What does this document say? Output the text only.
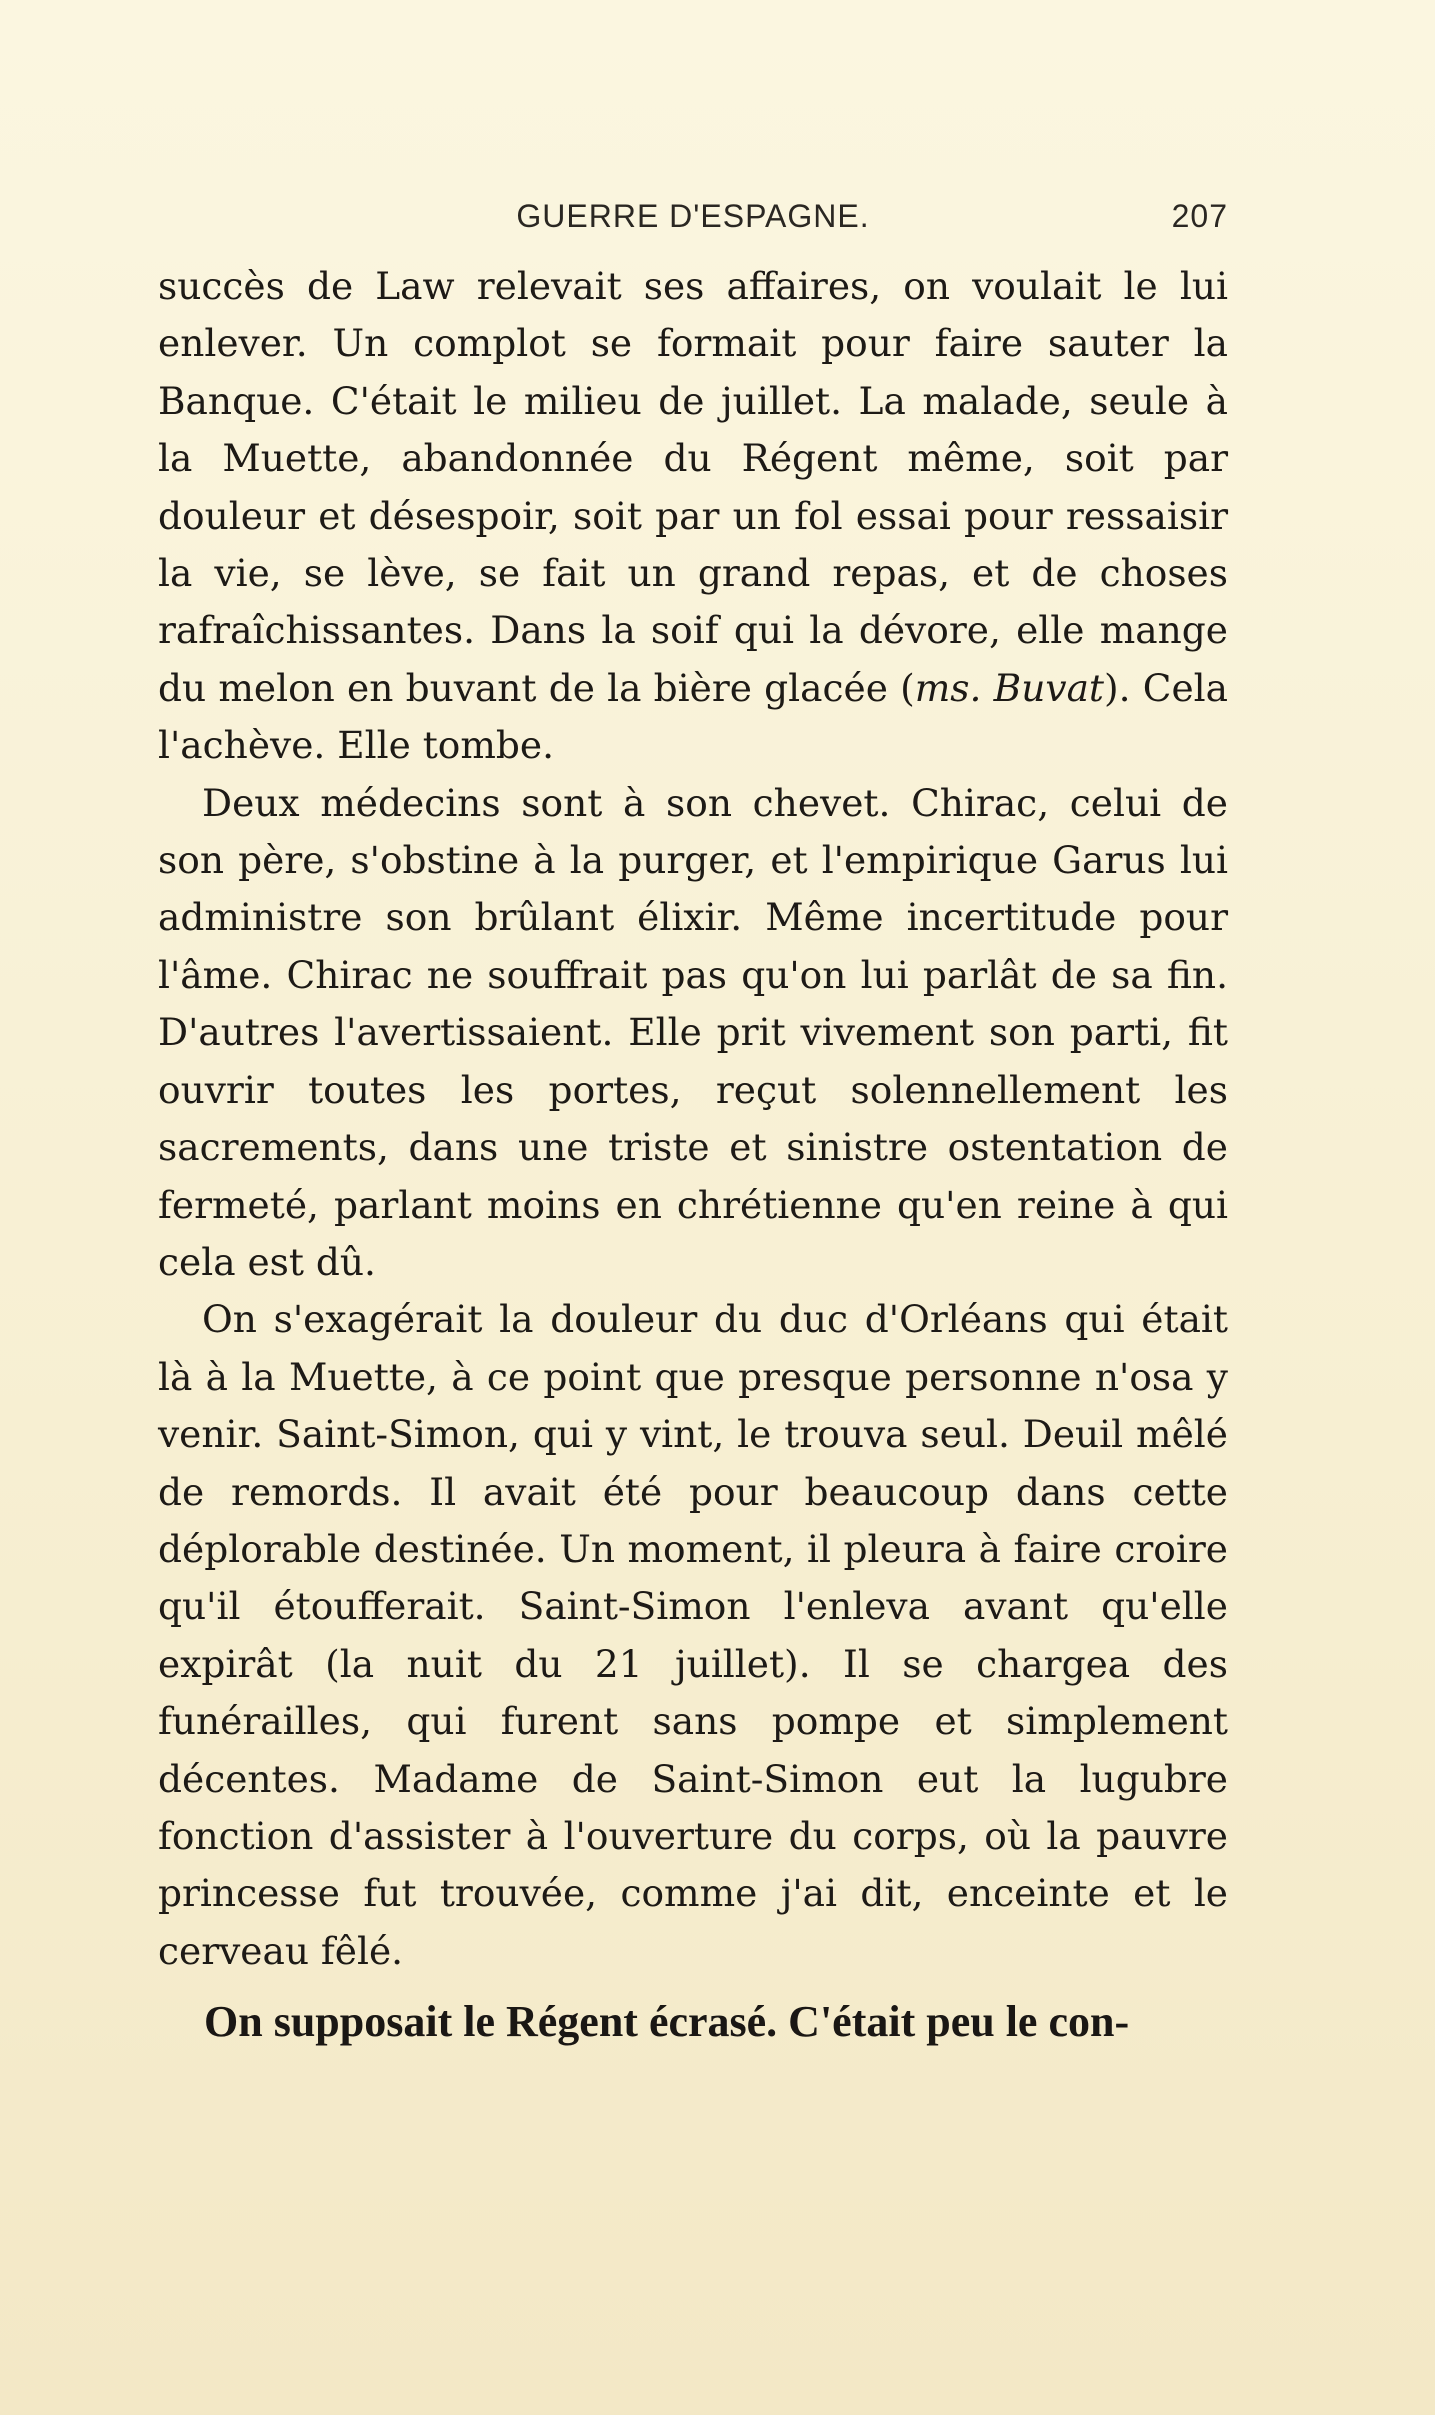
GUERRE D'ESPAGNE.	207

succès de Law relevait ses affaires, on voulait le lui enlever. Un complot se formait pour faire sauter la Banque. C'était le milieu de juillet. La malade, seule à la Muette, abandonnée du Régent même, soit par douleur et désespoir, soit par un fol essai pour ressaisir la vie, se lève, se fait un grand repas, et de choses rafraîchissantes. Dans la soif qui la dévore, elle mange du melon en buvant de la bière glacée (ms. Buvat). Cela l'achève. Elle tombe.

Deux médecins sont à son chevet. Chirac, celui de son père, s'obstine à la purger, et l'empirique Garus lui administre son brûlant élixir. Même incertitude pour l'âme. Chirac ne souffrait pas qu'on lui parlât de sa fin. D'autres l'avertissaient. Elle prit vivement son parti, fit ouvrir toutes les portes, reçut solennellement les sacrements, dans une triste et sinistre ostentation de fermeté, parlant moins en chrétienne qu'en reine à qui cela est dû.

On s'exagérait la douleur du duc d'Orléans qui était là à la Muette, à ce point que presque personne n'osa y venir. Saint-Simon, qui y vint, le trouva seul. Deuil mêlé de remords. Il avait été pour beaucoup dans cette déplorable destinée. Un moment, il pleura à faire croire qu'il étoufferait. Saint-Simon l'enleva avant qu'elle expirât (la nuit du 21 juillet). Il se chargea des funérailles, qui furent sans pompe et simplement décentes. Madame de Saint-Simon eut la lugubre fonction d'assister à l'ouverture du corps, où la pauvre princesse fut trouvée, comme j'ai dit, enceinte et le cerveau fêlé.

On supposait le Régent écrasé. C'était peu le con-
